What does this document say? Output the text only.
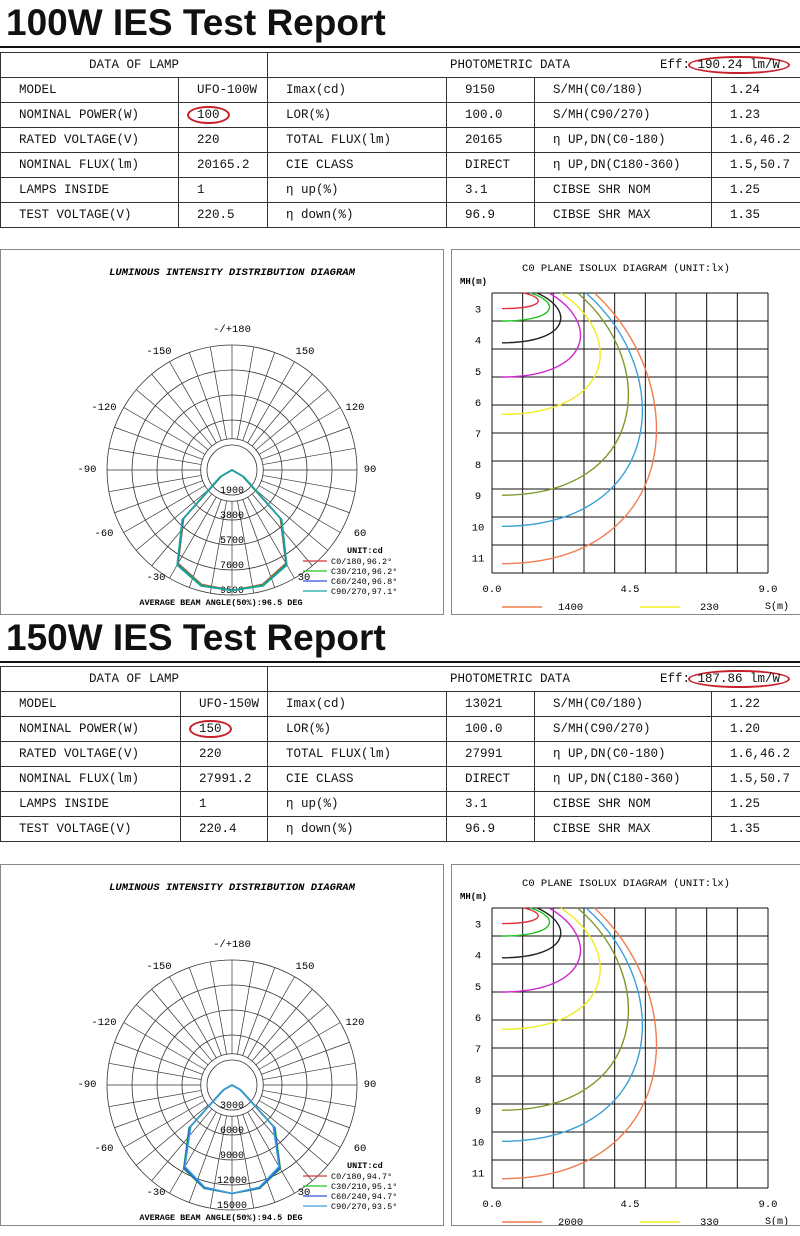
100W IES Test Report
DATA OF LAMP		PHOTOMETRIC DATA Eff: 190.24 lm/W			
MODEL	UFO-100W	Imax(cd)	9150	S/MH(C0/180)	1.24
NOMINAL POWER(W)	100	LOR(%)	100.0	S/MH(C90/270)	1.23
RATED VOLTAGE(V)	220	TOTAL FLUX(lm)	20165	η UP,DN(C0-180)	1.6,46.2
NOMINAL FLUX(lm)	20165.2	CIE CLASS	DIRECT	η UP,DN(C180-360)	1.5,50.7
LAMPS INSIDE	1	η up(%)	3.1	CIBSE SHR NOM	1.25
TEST VOLTAGE(V)	220.5	η down(%)	96.9	CIBSE SHR MAX	1.35
LUMINOUS INTENSITY DISTRIBUTION DIAGRAM
-/+180
-150	150
-120	120
-90	90
-60	60
-30	30
1900
3800
5700
7600
9500
UNIT:cd
C0/180,96.2°
C30/210,96.2°
C60/240,96.8°
C90/270,97.1°
AVERAGE BEAM ANGLE(50%):96.5 DEG
C0 PLANE ISOLUX DIAGRAM (UNIT:lx)
MH(m)
3
4
5
6
7
8
9
10
11
0.0	4.5	9.0
S(m)
1400	230
150W IES Test Report
DATA OF LAMP		PHOTOMETRIC DATA Eff: 187.86 lm/W			
MODEL	UFO-150W	Imax(cd)	13021	S/MH(C0/180)	1.22
NOMINAL POWER(W)	150	LOR(%)	100.0	S/MH(C90/270)	1.20
RATED VOLTAGE(V)	220	TOTAL FLUX(lm)	27991	η UP,DN(C0-180)	1.6,46.2
NOMINAL FLUX(lm)	27991.2	CIE CLASS	DIRECT	η UP,DN(C180-360)	1.5,50.7
LAMPS INSIDE	1	η up(%)	3.1	CIBSE SHR NOM	1.25
TEST VOLTAGE(V)	220.4	η down(%)	96.9	CIBSE SHR MAX	1.35
LUMINOUS INTENSITY DISTRIBUTION DIAGRAM
-/+180
-150	150
-120	120
-90	90
-60	60
-30	30
3000
6000
9000
12000
15000
UNIT:cd
C0/180,94.7°
C30/210,95.1°
C60/240,94.7°
C90/270,93.5°
AVERAGE BEAM ANGLE(50%):94.5 DEG
C0 PLANE ISOLUX DIAGRAM (UNIT:lx)
MH(m)
3
4
5
6
7
8
9
10
11
0.0	4.5	9.0
S(m)
2000	330
